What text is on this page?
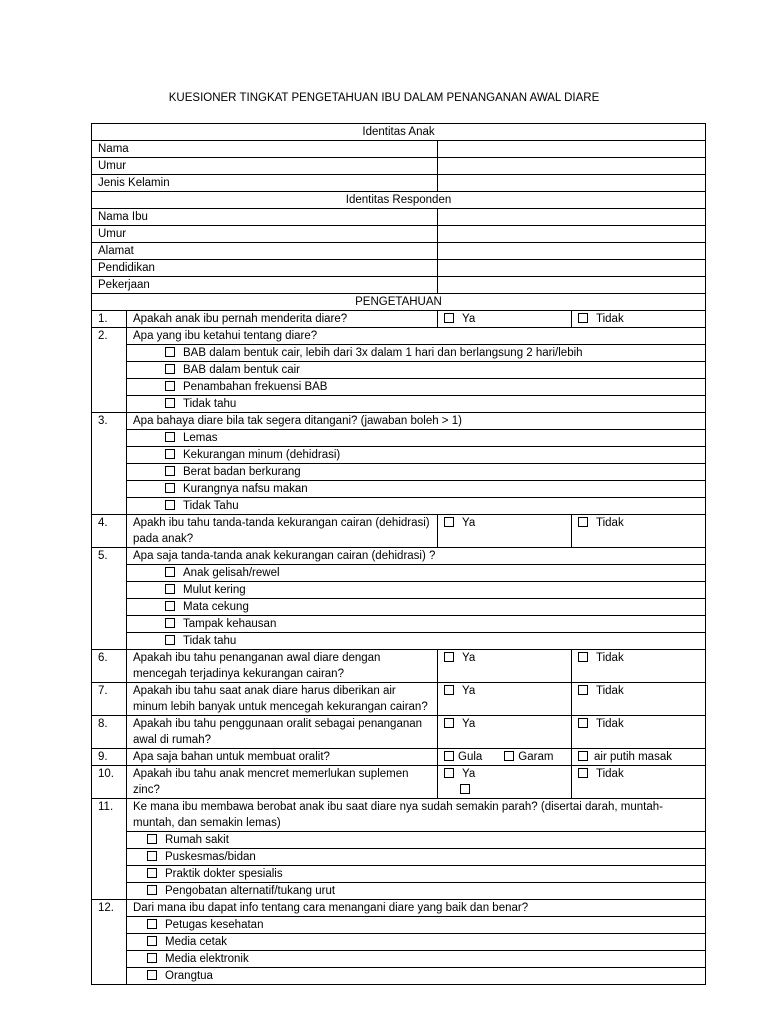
KUESIONER TINGKAT PENGETAHUAN IBU DALAM PENANGANAN AWAL DIARE
Identitas Anak			
Nama			
Umur			
Jenis Kelamin			
Identitas Responden			
Nama Ibu			
Umur			
Alamat			
Pendidikan			
Pekerjaan			
PENGETAHUAN			
1.	Apakah anak ibu pernah menderita diare?	Ya	Tidak
2.	Apa yang ibu ketahui tentang diare?		
	BAB dalam bentuk cair, lebih dari 3x dalam 1 hari dan berlangsung 2 hari/lebih		
	BAB dalam bentuk cair		
	Penambahan frekuensi BAB		
	Tidak tahu		
3.	Apa bahaya diare bila tak segera ditangani? (jawaban boleh > 1)		
	Lemas		
	Kekurangan minum (dehidrasi)		
	Berat badan berkurang		
	Kurangnya nafsu makan		
	Tidak Tahu		
4.	Apakh ibu tahu tanda-tanda kekurangan cairan (dehidrasi) pada anak?	Ya	Tidak
5.	Apa saja tanda-tanda anak kekurangan cairan (dehidrasi) ?		
	Anak gelisah/rewel		
	Mulut kering		
	Mata cekung		
	Tampak kehausan		
	Tidak tahu		
6.	Apakah ibu tahu penanganan awal diare dengan mencegah terjadinya kekurangan cairan?	Ya	Tidak
7.	Apakah ibu tahu saat anak diare harus diberikan air minum lebih banyak untuk mencegah kekurangan cairan?	Ya	Tidak
8.	Apakah ibu tahu penggunaan oralit sebagai penanganan awal di rumah?	Ya	Tidak
9.	Apa saja bahan untuk membuat oralit?	Gula Garam	air putih masak
10.	Apakah ibu tahu anak mencret memerlukan suplemen zinc?	Ya	Tidak
11.	Ke mana ibu membawa berobat anak ibu saat diare nya sudah semakin parah? (disertai darah, muntah-muntah, dan semakin lemas)		
	Rumah sakit		
	Puskesmas/bidan		
	Praktik dokter spesialis		
	Pengobatan alternatif/tukang urut		
12.	Dari mana ibu dapat info tentang cara menangani diare yang baik dan benar?		
	Petugas kesehatan		
	Media cetak		
	Media elektronik		
	Orangtua		
